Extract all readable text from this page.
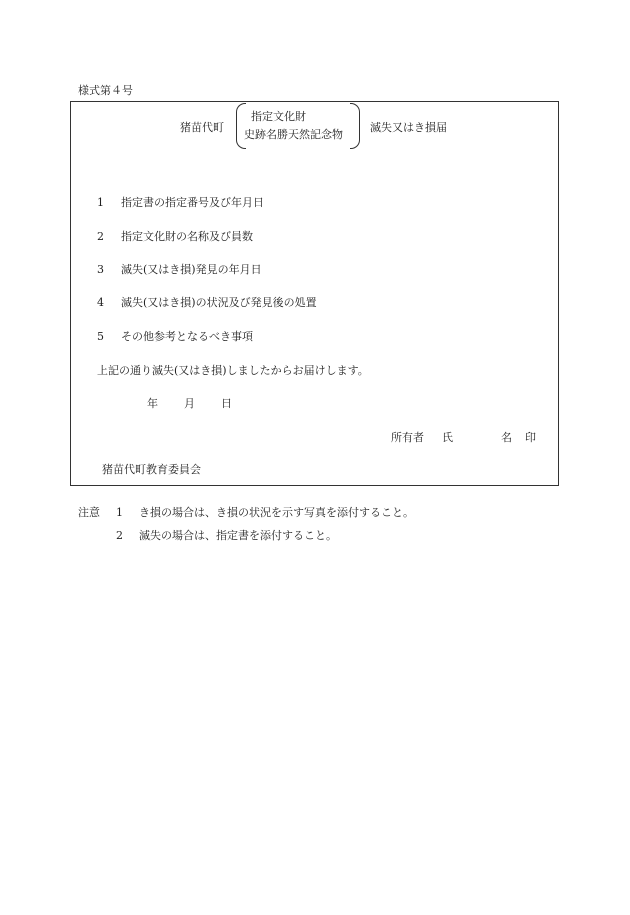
様式第４号
猪苗代町
指定文化財
史跡名勝天然記念物
滅失又はき損届
1 指定書の指定番号及び年月日
2 指定文化財の名称及び員数
3 滅失(又はき損)発見の年月日
4 滅失(又はき損)の状況及び発見後の処置
5 その他参考となるべき事項
上記の通り滅失(又はき損)しましたからお届けします。
年 月 日
所有者 氏	名 印
猪苗代町教育委員会
注意 1 き損の場合は、き損の状況を示す写真を添付すること。
2 滅失の場合は、指定書を添付すること。
